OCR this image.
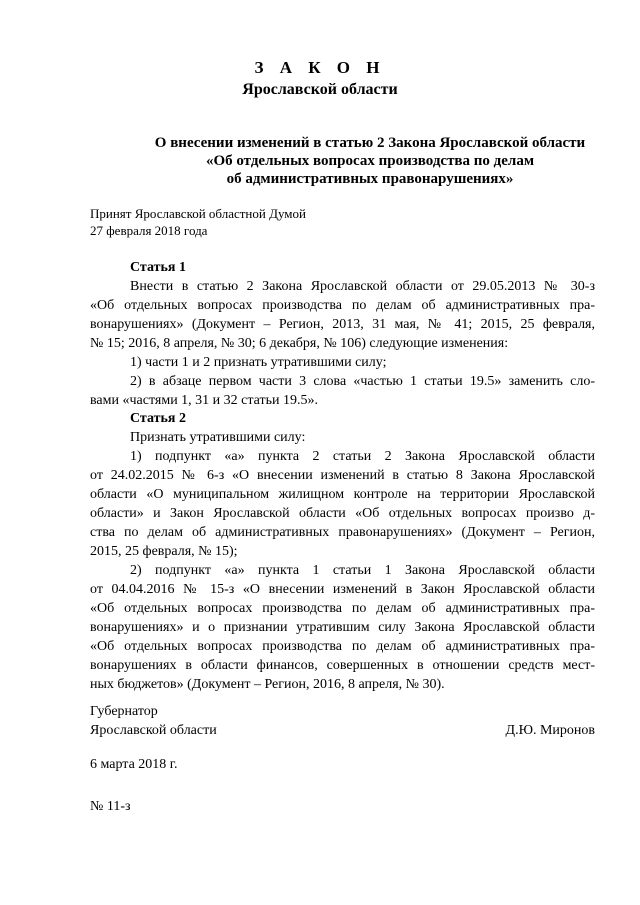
З А К О Н
Ярославской области
О внесении изменений в статью 2 Закона Ярославской области
«Об отдельных вопросах производства по делам
об административных правонарушениях»
Принят Ярославской областной Думой
27 февраля 2018 года
Статья 1
Внести в статью 2 Закона Ярославской области от 29.05.2013 № 30-з
«Об отдельных вопросах производства по делам об административных пра-
вонарушениях» (Документ – Регион, 2013, 31 мая, № 41; 2015, 25 февраля,
№ 15; 2016, 8 апреля, № 30; 6 декабря, № 106) следующие изменения:
1) части 1 и 2 признать утратившими силу;
2) в абзаце первом части 3 слова «частью 1 статьи 19.5» заменить сло-
вами «частями 1, 31 и 32 статьи 19.5».
Статья 2
Признать утратившими силу:
1) подпункт «а» пункта 2 статьи 2 Закона Ярославской области
от 24.02.2015 № 6-з «О внесении изменений в статью 8 Закона Ярославской
области «О муниципальном жилищном контроле на территории Ярославской
области» и Закон Ярославской области «Об отдельных вопросах произво д-
ства по делам об административных правонарушениях» (Документ – Регион,
2015, 25 февраля, № 15);
2) подпункт «а» пункта 1 статьи 1 Закона Ярославской области
от 04.04.2016 № 15-з «О внесении изменений в Закон Ярославской области
«Об отдельных вопросах производства по делам об административных пра-
вонарушениях» и о признании утратившим силу Закона Ярославской области
«Об отдельных вопросах производства по делам об административных пра-
вонарушениях в области финансов, совершенных в отношении средств мест-
ных бюджетов» (Документ – Регион, 2016, 8 апреля, № 30).
Губернатор
Ярославской области	Д.Ю. Миронов
6 марта 2018 г.
№ 11-з
